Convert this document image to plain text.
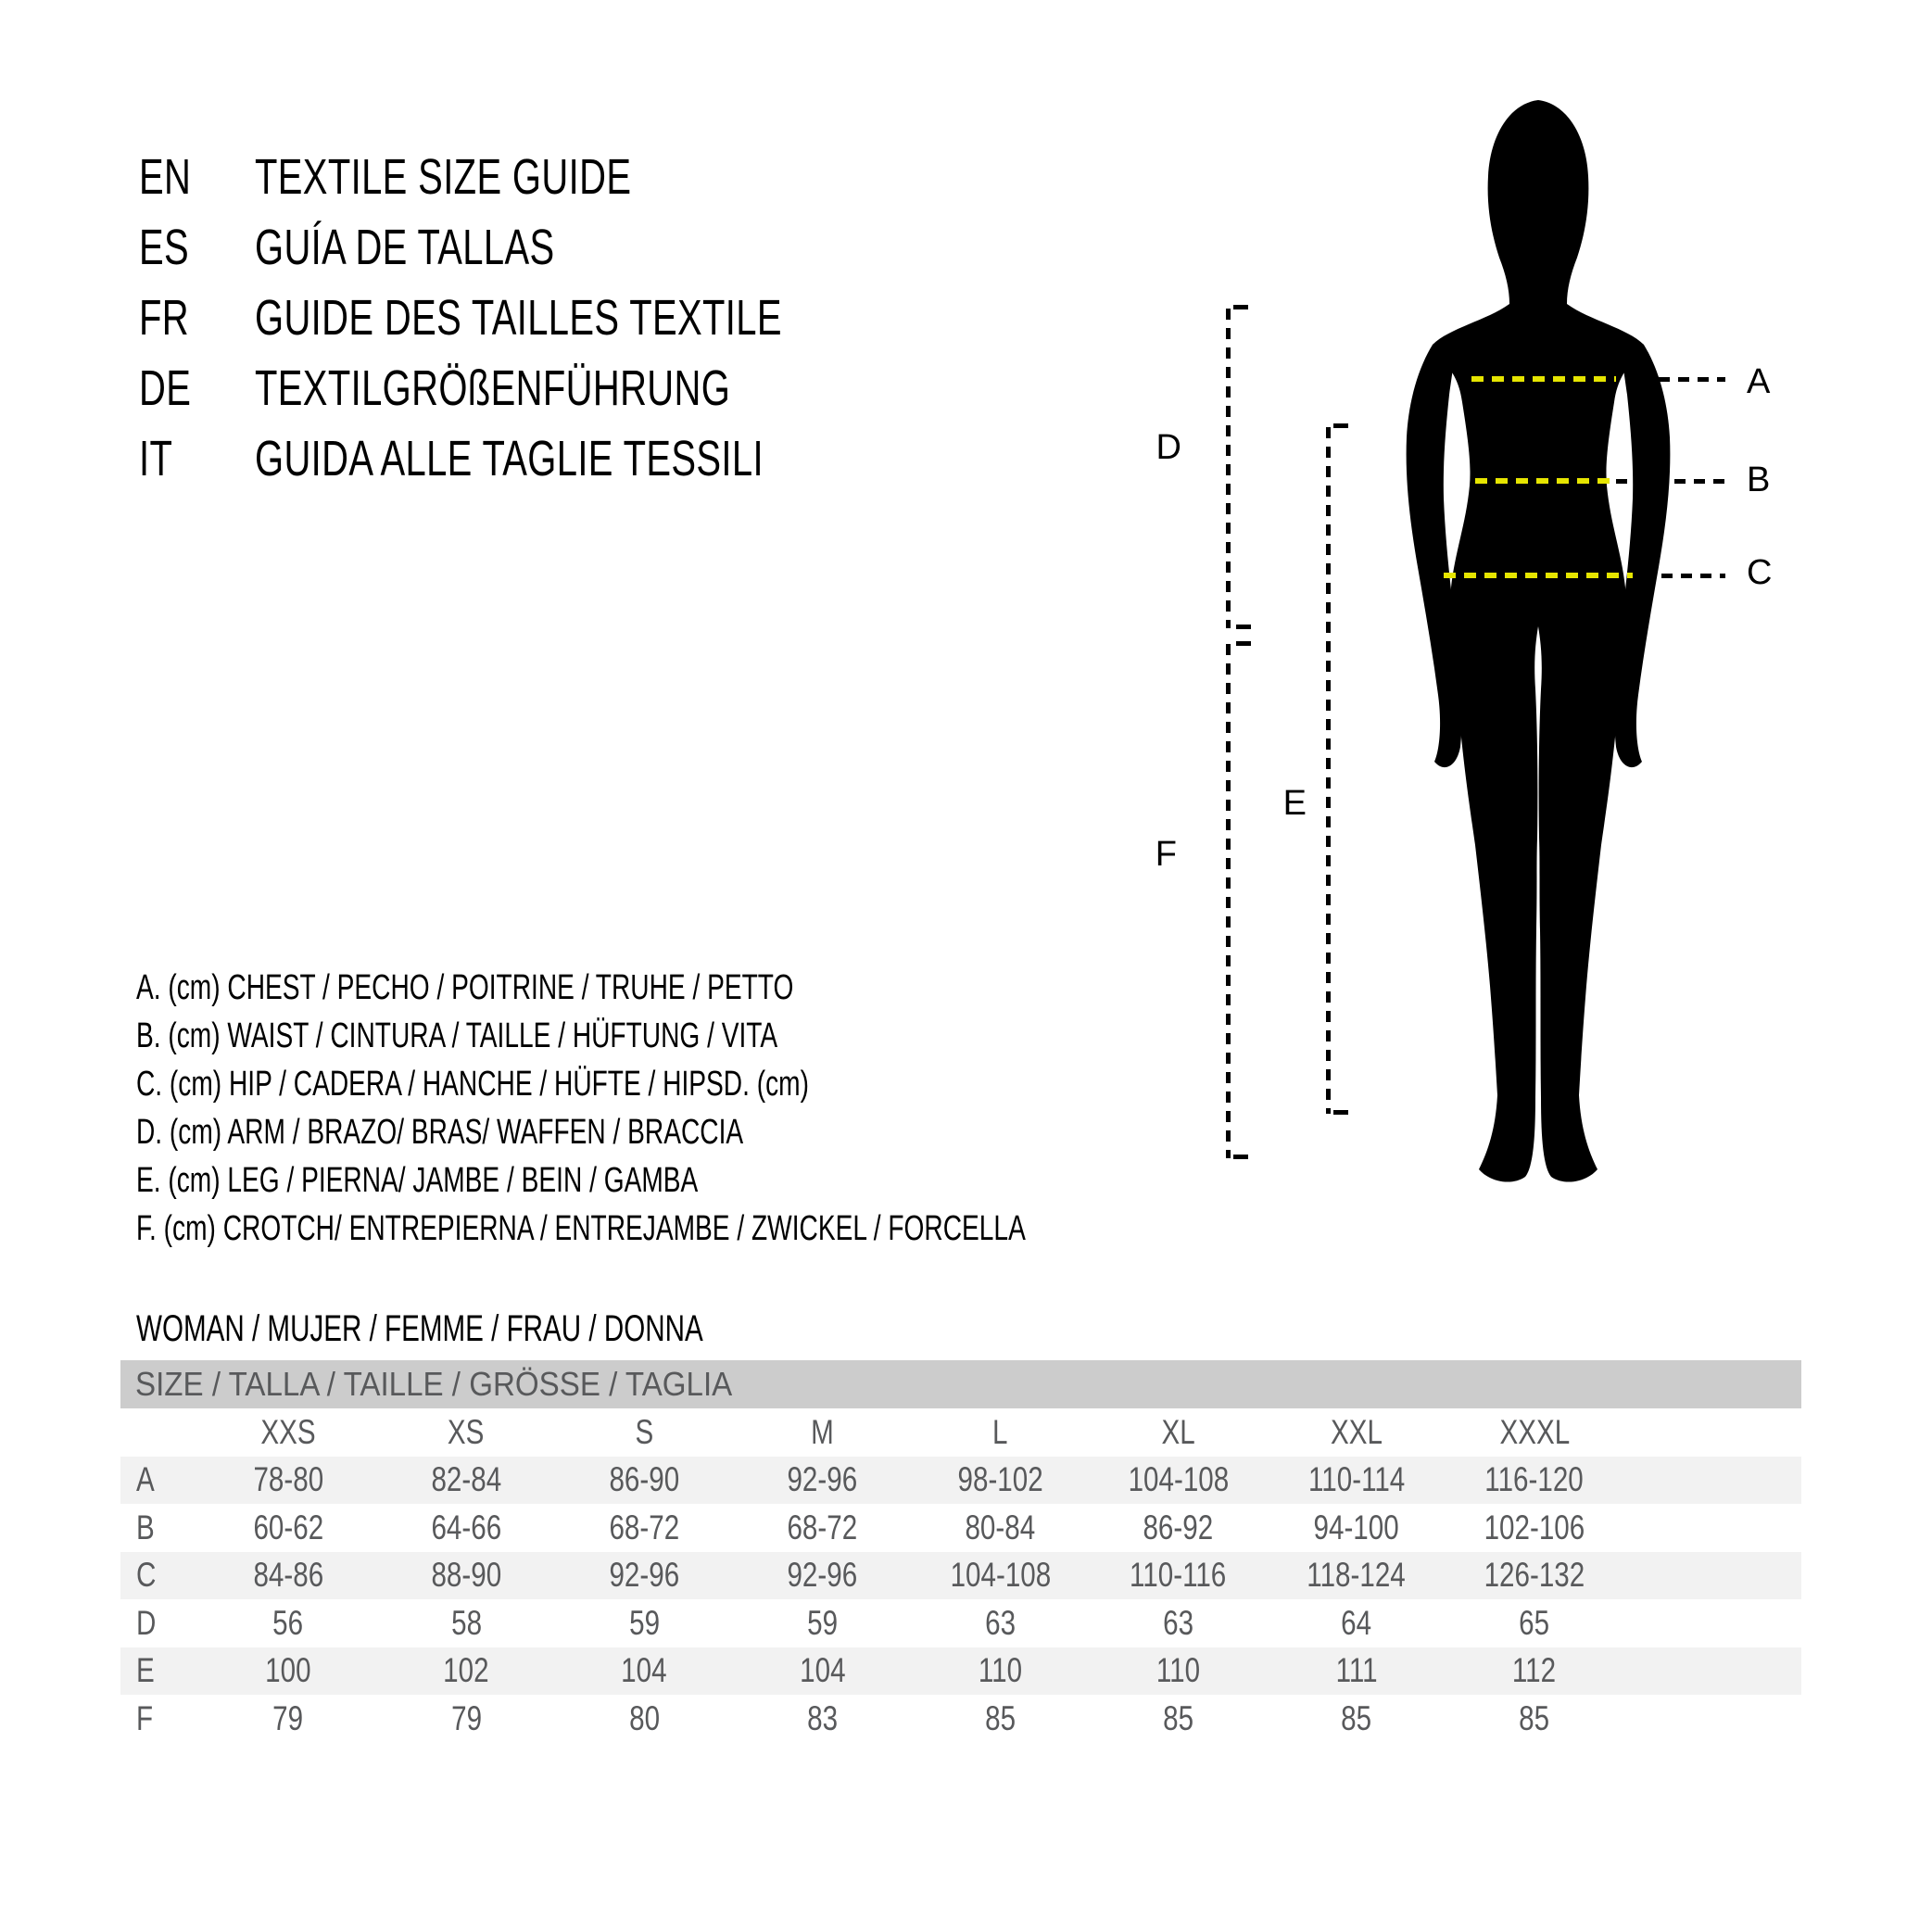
EN	TEXTILE SIZE GUIDE
ES	GUÍA DE TALLAS
FR	GUIDE DES TAILLES TEXTILE
DE	TEXTILGRÖßENFÜHRUNG
IT	GUIDA ALLE TAGLIE TESSILI
A
B
C
D
E
F
A. (cm) CHEST / PECHO / POITRINE / TRUHE / PETTO
B. (cm) WAIST / CINTURA / TAILLE / HÜFTUNG / VITA
C. (cm) HIP / CADERA / HANCHE / HÜFTE / HIPSD. (cm)
D. (cm) ARM / BRAZO/ BRAS/ WAFFEN / BRACCIA
E. (cm) LEG / PIERNA/ JAMBE / BEIN / GAMBA
F. (cm) CROTCH/ ENTREPIERNA / ENTREJAMBE / ZWICKEL / FORCELLA
WOMAN / MUJER / FEMME / FRAU / DONNA
SIZE / TALLA / TAILLE / GRÖSSE / TAGLIA
XXS	XS	S	M	L	XL	XXL	XXXL
A	78-80	82-84	86-90	92-96	98-102 104-108 110-114 116-120
B	60-62	64-66	68-72	68-72	80-84	86-92	94-100 102-106
C	84-86	88-90	92-96	92-96	104-108 110-116 118-124 126-132
D	56	58	59	59	63	63	64	65
E	100	102	104	104	110	110	111	112
F	79	79	80	83	85	85	85	85
